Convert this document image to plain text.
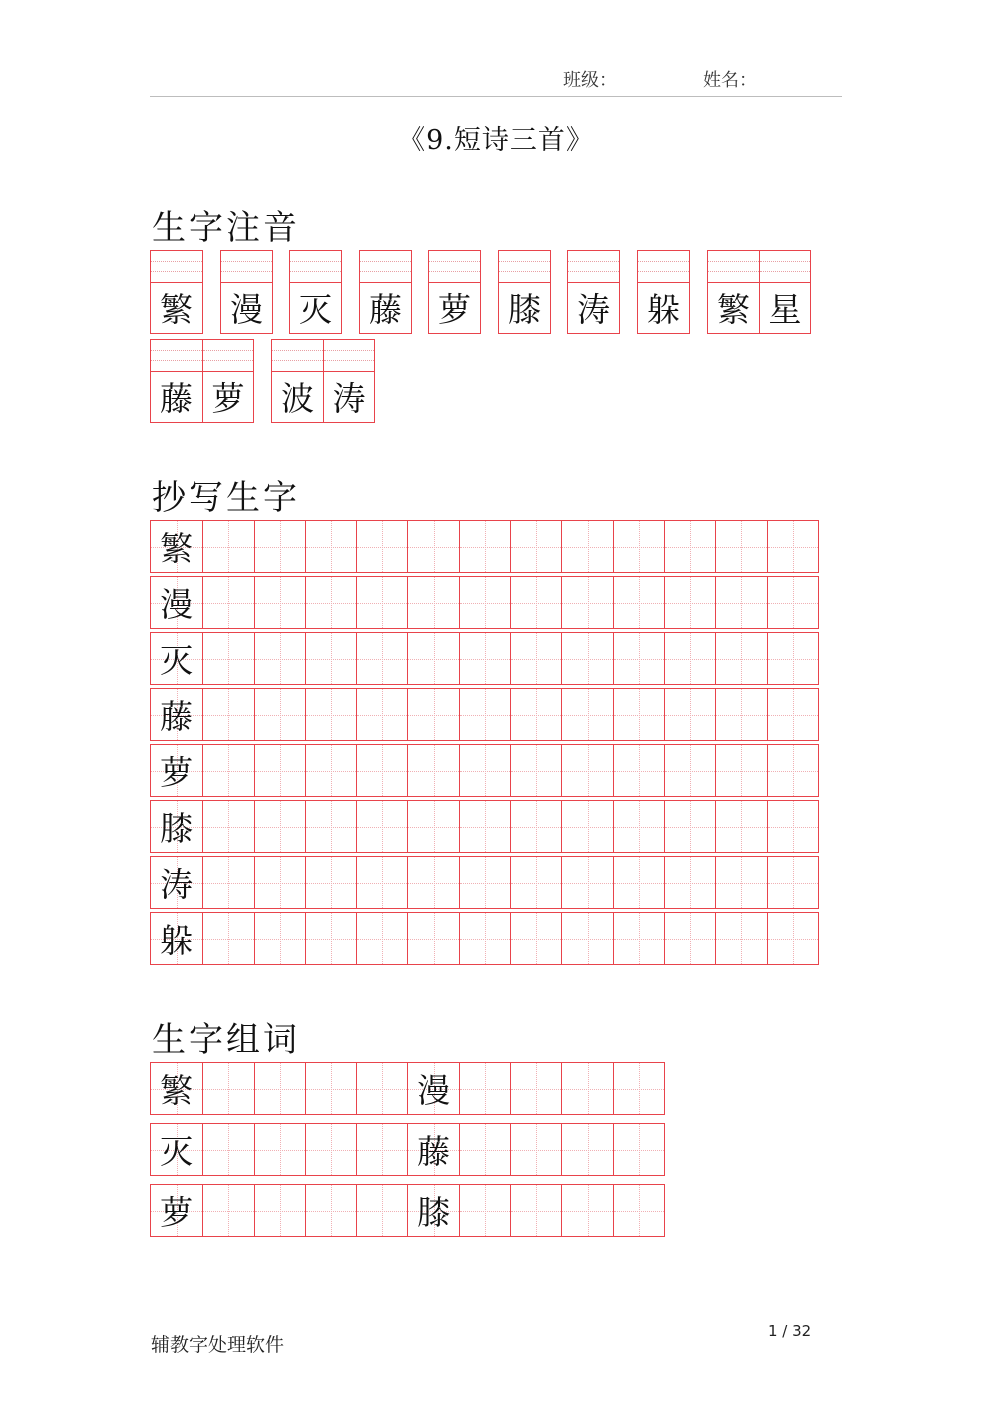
班级：	姓名：
《9.短诗三首》
生字注音
繁 漫 灭 藤 萝 膝 涛 躲 繁 星
藤 萝 波 涛
抄写生字
繁
漫
灭
藤
萝
膝
涛
躲
生字组词
繁	漫
灭	藤
萝	膝
辅教字处理软件
1 / 32
